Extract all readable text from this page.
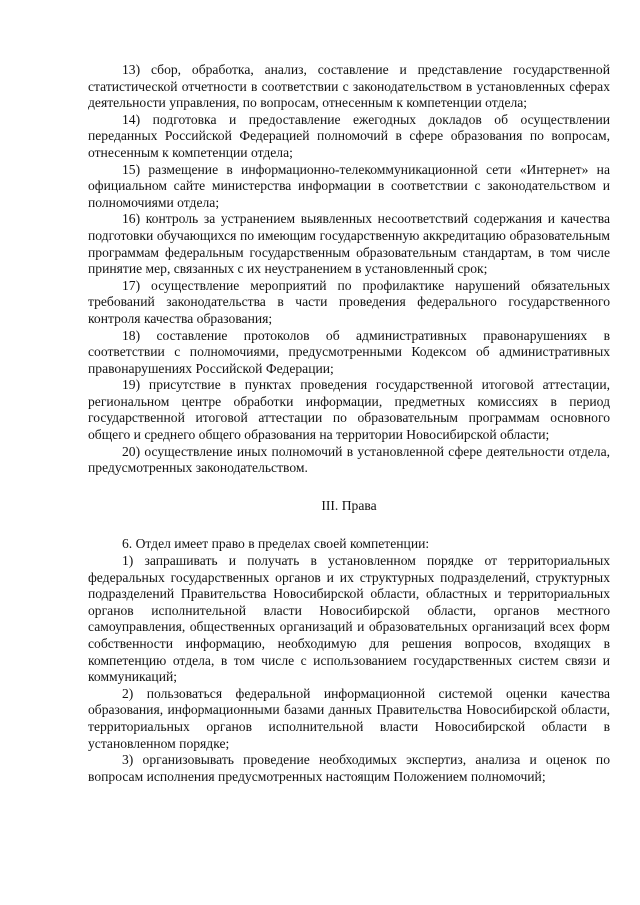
13) сбор, обработка, анализ, составление и представление государственной статистической отчетности в соответствии с законодательством в установленных сферах деятельности управления, по вопросам, отнесенным к компетенции отдела;

14) подготовка и предоставление ежегодных докладов об осуществлении переданных Российской Федерацией полномочий в сфере образования по вопросам, отнесенным к компетенции отдела;

15) размещение в информационно-телекоммуникационной сети «Интернет» на официальном сайте министерства информации в соответствии с законодательством и полномочиями отдела;

16) контроль за устранением выявленных несоответствий содержания и качества подготовки обучающихся по имеющим государственную аккредитацию образовательным программам федеральным государственным образовательным стандартам, в том числе принятие мер, связанных с их неустранением в установленный срок;

17) осуществление мероприятий по профилактике нарушений обязательных требований законодательства в части проведения федерального государственного контроля качества образования;

18) составление протоколов об административных правонарушениях в соответствии с полномочиями, предусмотренными Кодексом об административных правонарушениях Российской Федерации;

19) присутствие в пунктах проведения государственной итоговой аттестации, региональном центре обработки информации, предметных комиссиях в период государственной итоговой аттестации по образовательным программам основного общего и среднего общего образования на территории Новосибирской области;

20) осуществление иных полномочий в установленной сфере деятельности отдела, предусмотренных законодательством.

III. Права

6. Отдел имеет право в пределах своей компетенции:

1) запрашивать и получать в установленном порядке от территориальных федеральных государственных органов и их структурных подразделений, структурных подразделений Правительства Новосибирской области, областных и территориальных органов исполнительной власти Новосибирской области, органов местного самоуправления, общественных организаций и образовательных организаций всех форм собственности информацию, необходимую для решения вопросов, входящих в компетенцию отдела, в том числе с использованием государственных систем связи и коммуникаций;

2) пользоваться федеральной информационной системой оценки качества образования, информационными базами данных Правительства Новосибирской области, территориальных органов исполнительной власти Новосибирской области в установленном порядке;

3) организовывать проведение необходимых экспертиз, анализа и оценок по вопросам исполнения предусмотренных настоящим Положением полномочий;
